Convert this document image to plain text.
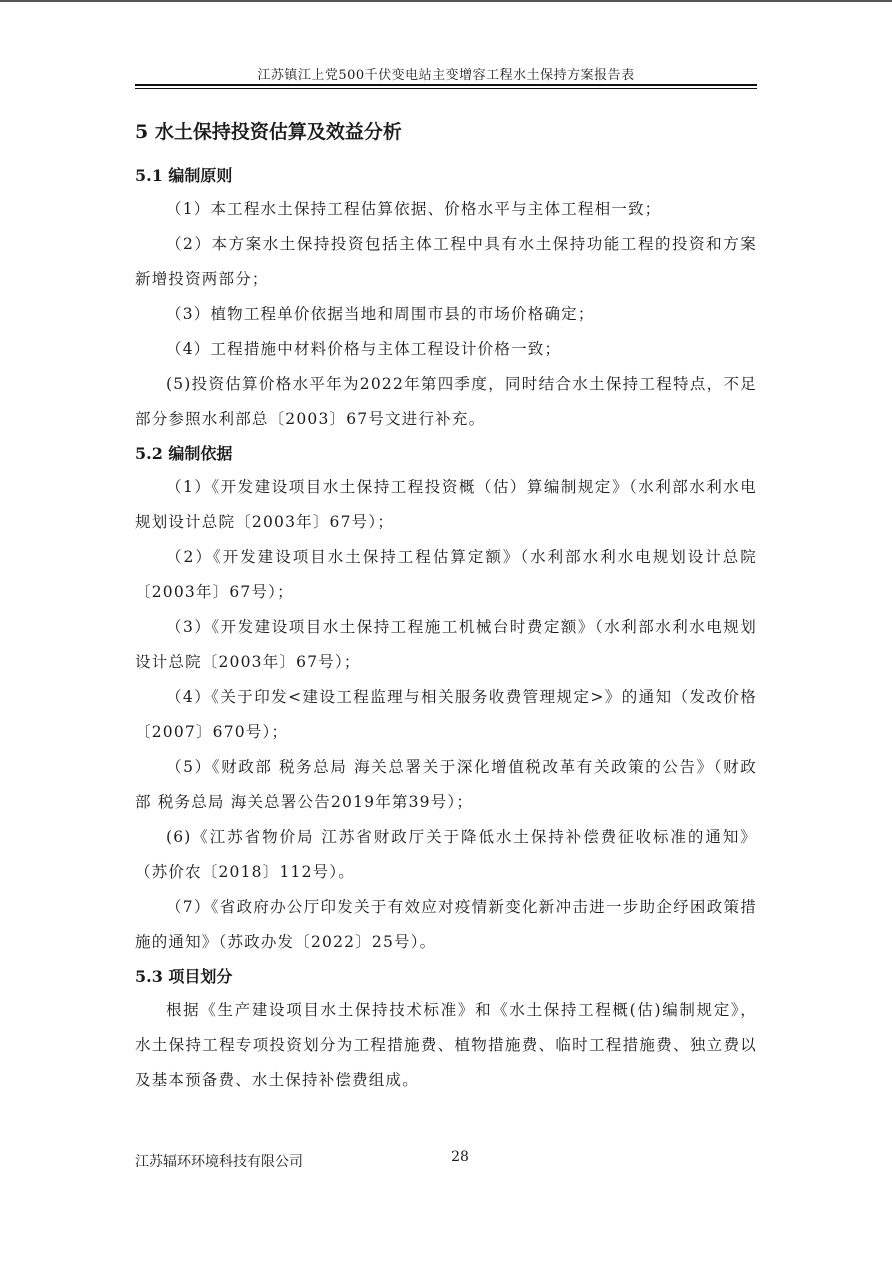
江苏镇江上党500千伏变电站主变增容工程水土保持方案报告表
5 水土保持投资估算及效益分析
5.1 编制原则

（1）本工程水土保持工程估算依据、价格水平与主体工程相一致；

（2）本方案水土保持投资包括主体工程中具有水土保持功能工程的投资和方案新增投资两部分；

（3）植物工程单价依据当地和周围市县的市场价格确定；

（4）工程措施中材料价格与主体工程设计价格一致；

(5)投资估算价格水平年为2022年第四季度，同时结合水土保持工程特点，不足部分参照水利部总〔2003〕67号文进行补充。

5.2 编制依据

（1）《开发建设项目水土保持工程投资概（估）算编制规定》（水利部水利水电规划设计总院〔2003年〕67号）；

（2）《开发建设项目水土保持工程估算定额》（水利部水利水电规划设计总院〔2003年〕67号）；

（3）《开发建设项目水土保持工程施工机械台时费定额》（水利部水利水电规划设计总院〔2003年〕67号）；

（4）《关于印发<建设工程监理与相关服务收费管理规定>》的通知（发改价格〔2007〕670号）；

（5）《财政部 税务总局 海关总署关于深化增值税改革有关政策的公告》（财政部 税务总局 海关总署公告2019年第39号）；

(6)《江苏省物价局 江苏省财政厅关于降低水土保持补偿费征收标准的通知》（苏价农〔2018〕112号）。

（7）《省政府办公厅印发关于有效应对疫情新变化新冲击进一步助企纾困政策措施的通知》（苏政办发〔2022〕25号）。

5.3 项目划分

根据《生产建设项目水土保持技术标准》和《水土保持工程概(估)编制规定》，水土保持工程专项投资划分为工程措施费、植物措施费、临时工程措施费、独立费以及基本预备费、水土保持补偿费组成。

江苏辐环环境科技有限公司	28
